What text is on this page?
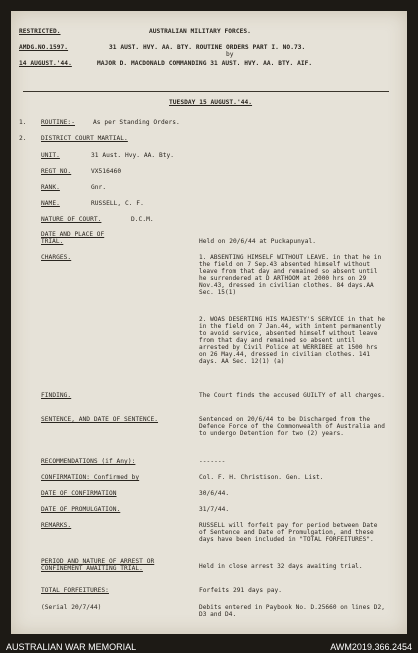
RESTRICTED.	AUSTRALIAN MILITARY FORCES.
AMDG.NO.1597.	31 AUST. HVY. AA. BTY. ROUTINE ORDERS PART I. NO.73.
by
14 AUGUST.'44.	MAJOR D. MACDONALD COMMANDING 31 AUST. HVY. AA. BTY. AIF.
TUESDAY 15 AUGUST.'44.
1. ROUTINE:-	As per Standing Orders.
2. DISTRICT COURT MARTIAL.
UNIT.	31 Aust. Hvy. AA. Bty.
REGT NO.	VX516460
RANK.	Gnr.
NAME.	RUSSELL, C. F.
NATURE OF COURT.	D.C.M.
DATE AND PLACE OF TRIAL.	Held on 20/6/44 at Puckapunyal.
CHARGES.	1. ABSENTING HIMSELF WITHOUT LEAVE. in that he in the field on 7 Sep.43 absented himself without leave from that day and remained so absent until he surrendered at D ARTHOOM at 2000 hrs on 29 Nov.43, dressed in civilian clothes. 84 days.AA Sec. 15(1)
2. WOAS DESERTING HIS MAJESTY'S SERVICE in that he in the field on 7 Jan.44, with intent permanently to avoid service, absented himself without leave from that day and remained so absent until arrested by Civil Police at WERRIBEE at 1500 hrs on 26 May.44, dressed in civilian clothes. 141 days. AA Sec. 12(1) (a)
FINDING.	The Court finds the accused GUILTY of all charges.
SENTENCE, AND DATE OF SENTENCE.	Sentenced on 20/6/44 to be Discharged from the Defence Force of the Commonwealth of Australia and to undergo Detention for two (2) years.
RECOMMENDATIONS (if Any):	-------
CONFIRMATION: Confirmed by	Col. F. H. Christison. Gen. List.
DATE OF CONFIRMATION	30/6/44.
DATE OF PROMULGATION.	31/7/44.
REMARKS.	RUSSELL will forfeit pay for period between Date of Sentence and Date of Promulgation, and these days have been included in "TOTAL FORFEITURES".
PERIOD AND NATURE OF ARREST OR
CONFINEMENT AWAITING TRIAL.	Held in close arrest 32 days awaiting trial.
TOTAL FORFEITURES:	Forfeits 291 days pay.
(Serial 20/7/44)	Debits entered in Paybook No. D.25660 on lines D2, D3 and D4.
AUSTRALIAN WAR MEMORIAL	AWM2019.366.2454
